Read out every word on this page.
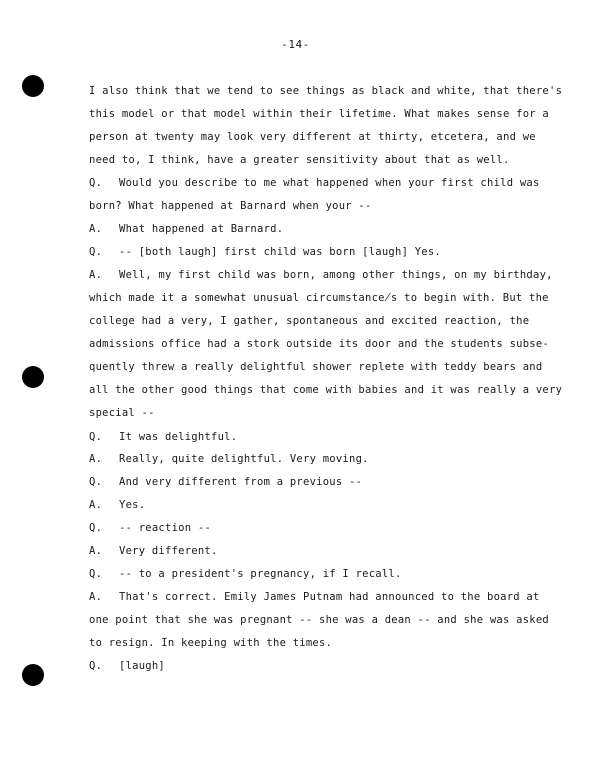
-14-
I also think that we tend to see things as black and white, that there's
this model or that model within their lifetime. What makes sense for a
person at twenty may look very different at thirty, etcetera, and we
need to, I think, have a greater sensitivity about that as well.
Q. Would you describe to me what happened when your first child was
born? What happened at Barnard when your --
A. What happened at Barnard.
Q. -- [both laugh] first child was born [laugh] Yes.
A. Well, my first child was born, among other things, on my birthday,
which made it a somewhat unusual circumstance̸s to begin with. But the
college had a very, I gather, spontaneous and excited reaction, the
admissions office had a stork outside its door and the students subse-
quently threw a really delightful shower replete with teddy bears and
all the other good things that come with babies and it was really a very
special --
Q. It was delightful.
A. Really, quite delightful. Very moving.
Q. And very different from a previous --
A. Yes.
Q. -- reaction --
A. Very different.
Q. -- to a president's pregnancy, if I recall.
A. That's correct. Emily James Putnam had announced to the board at
one point that she was pregnant -- she was a dean -- and she was asked
to resign. In keeping with the times.
Q. [laugh]
